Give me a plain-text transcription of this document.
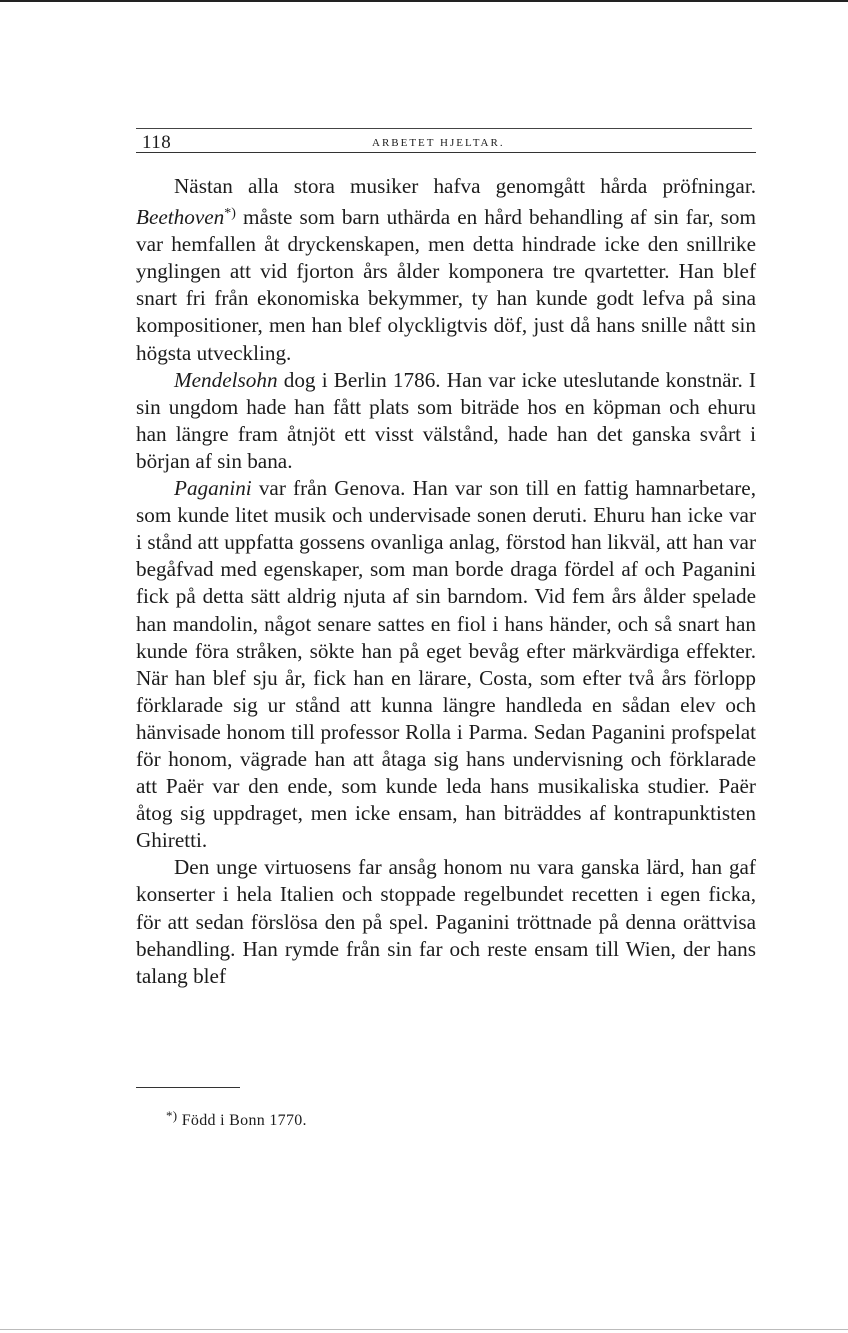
118	ARBETET HJELTAR.

Nästan alla stora musiker hafva genomgått hårda pröfningar. Beethoven*) måste som barn uthärda en hård behandling af sin far, som var hemfallen åt dryckenskapen, men detta hindrade icke den snillrike ynglingen att vid fjorton års ålder komponera tre qvartetter. Han blef snart fri från ekonomiska bekymmer, ty han kunde godt lefva på sina kompositioner, men han blef olyckligtvis döf, just då hans snille nått sin högsta utveckling.

Mendelsohn dog i Berlin 1786. Han var icke uteslutande konstnär. I sin ungdom hade han fått plats som biträde hos en köpman och ehuru han längre fram åtnjöt ett visst välstånd, hade han det ganska svårt i början af sin bana.

Paganini var från Genova. Han var son till en fattig hamnarbetare, som kunde litet musik och undervisade sonen deruti. Ehuru han icke var i stånd att uppfatta gossens ovanliga anlag, förstod han likväl, att han var begåfvad med egenskaper, som man borde draga fördel af och Paganini fick på detta sätt aldrig njuta af sin barndom. Vid fem års ålder spelade han mandolin, något senare sattes en fiol i hans händer, och så snart han kunde föra stråken, sökte han på eget bevåg efter märkvärdiga effekter. När han blef sju år, fick han en lärare, Costa, som efter två års förlopp förklarade sig ur stånd att kunna längre handleda en sådan elev och hänvisade honom till professor Rolla i Parma. Sedan Paganini profspelat för honom, vägrade han att åtaga sig hans undervisning och förklarade att Paër var den ende, som kunde leda hans musikaliska studier. Paër åtog sig uppdraget, men icke ensam, han biträddes af kontrapunktisten Ghiretti.

Den unge virtuosens far ansåg honom nu vara ganska lärd, han gaf konserter i hela Italien och stoppade regelbundet recetten i egen ficka, för att sedan förslösa den på spel. Paganini tröttnade på denna orättvisa behandling. Han rymde från sin far och reste ensam till Wien, der hans talang blef

*) Född i Bonn 1770.
